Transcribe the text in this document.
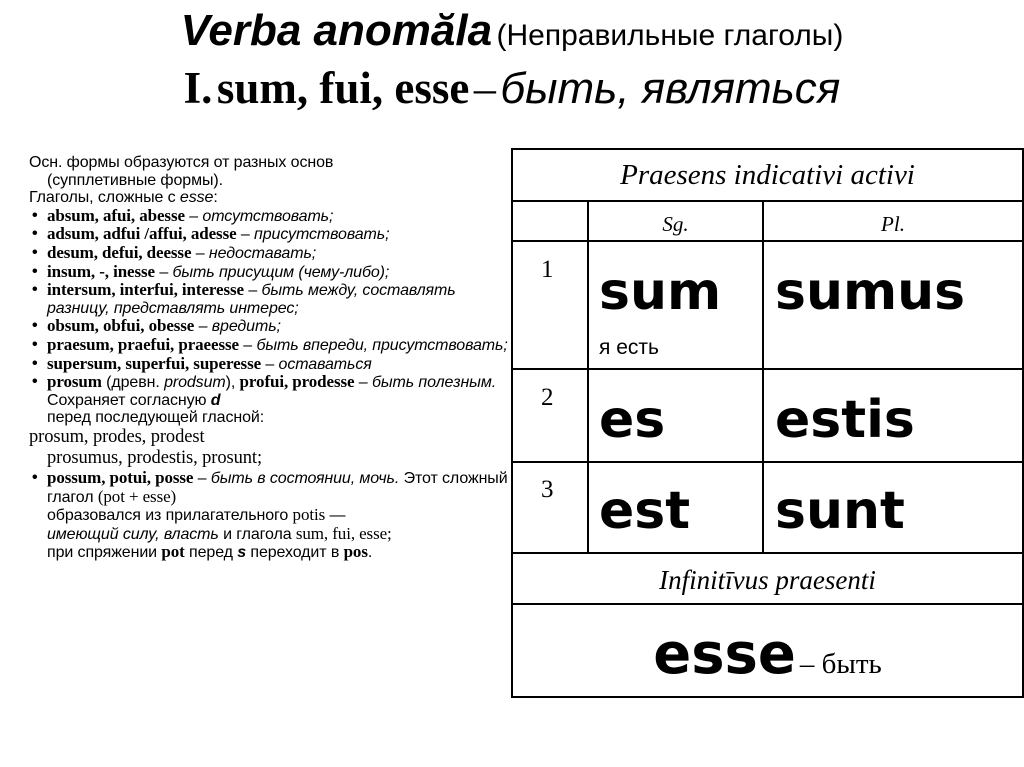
Verba anomăla (Неправильные глаголы)
I. sum, fui, esse – быть, являться

Осн. формы образуются от разных основ

(супплетивные формы).

Глаголы, сложные с esse:

• absum, afui, abesse – отсутствовать;
• adsum, adfui /affui, adesse – присутствовать;
• desum, defui, deesse – недоставать;
• insum, -, inesse – быть присущим (чему-либо);
• intersum, interfui, interesse – быть между, составлять разницу, представлять интерес;
• obsum, obfui, obesse – вредить;
• praesum, praefui, praeesse – быть впереди, присутствовать;
• supersum, superfui, superesse – оставаться
• prosum (древн. prodsum), profui, prodesse – быть полезным. Сохраняет согласную d
перед последующей гласной:

prosum, prodes, prodest

prosumus, prodestis, prosunt;

• possum, potui, posse – быть в состоянии, мочь. Этот сложный глагол (pot + esse)
образовался из прилагательного potis —
имеющий силу, власть и глагола sum, fui, esse;
при спряжении pot перед s переходит в pos.
Praesens indicativi activi
Sg.	Pl.
1 sum
я есть
sumus
2 es estis
3 est sunt
Infinitīvus praesenti
esse – быть
